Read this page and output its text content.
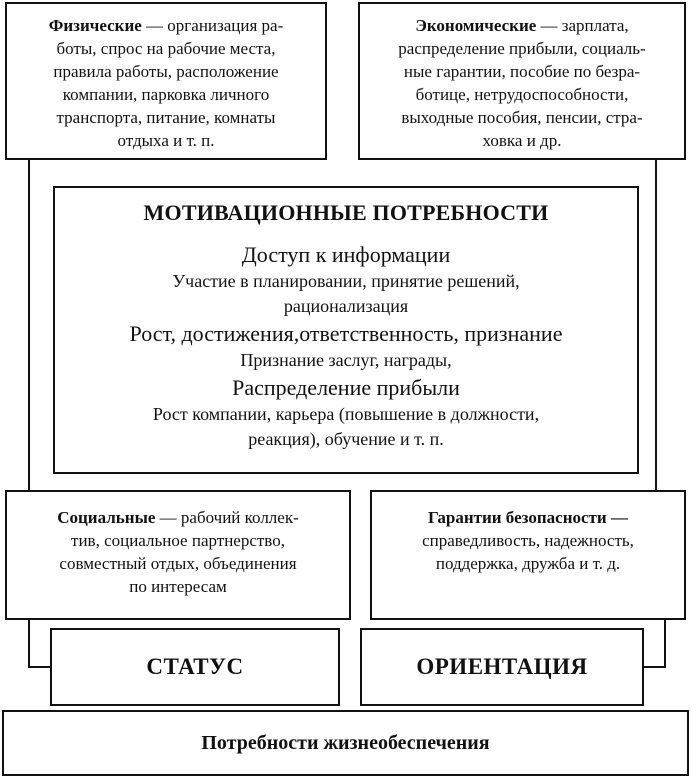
Физические — организация ра-
боты, спрос на рабочие места,
правила работы, расположение
компании, парковка личного
транспорта, питание, комнаты
отдыха и т. п.
Экономические — зарплата,
распределение прибыли, социаль-
ные гарантии, пособие по безра-
ботице, нетрудоспособности,
выходные пособия, пенсии, стра-
ховка и др.
МОТИВАЦИОННЫЕ ПОТРЕБНОСТИ
Доступ к информации
Участие в планировании, принятие решений,
рационализация
Рост, достижения,ответственность, признание
Признание заслуг, награды,
Распределение прибыли
Рост компании, карьера (повышение в должности,
реакция), обучение и т. п.
Социальные — рабочий коллек-
тив, социальное партнерство,
совместный отдых, объединения
по интересам
Гарантии безопасности —
справедливость, надежность,
поддержка, дружба и т. д.
СТАТУС	ОРИЕНТАЦИЯ
Потребности жизнеобеспечения
